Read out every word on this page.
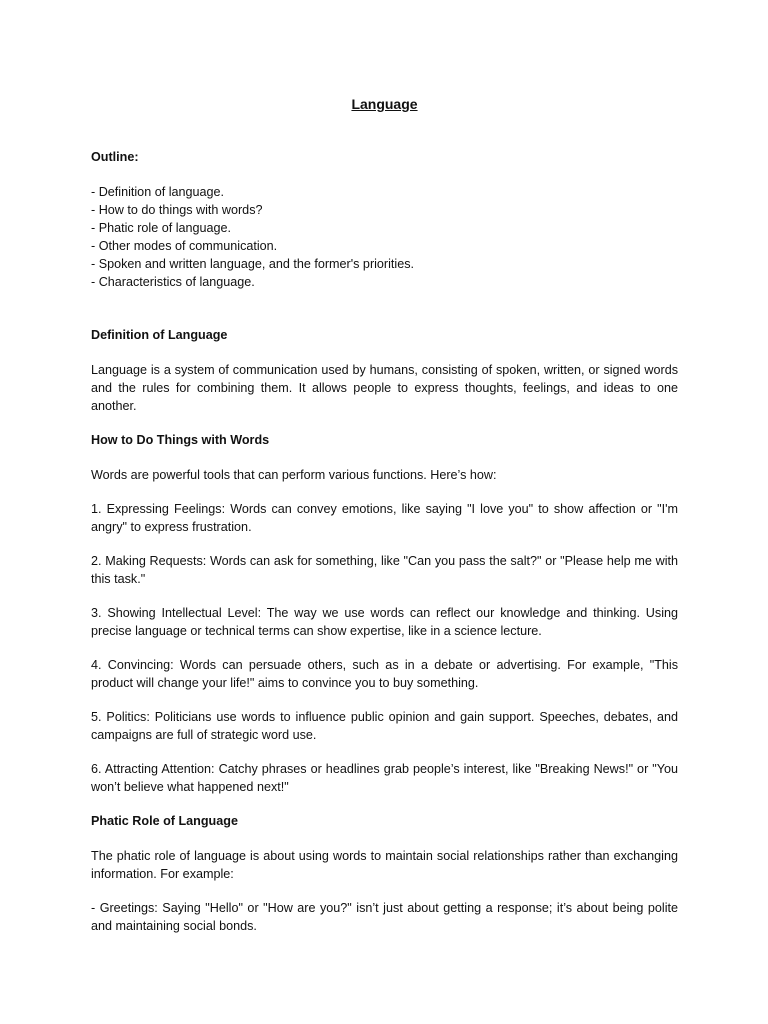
Language
Outline:
- Definition of language.
- How to do things with words?
- Phatic role of language.
- Other modes of communication.
- Spoken and written language, and the former's priorities.
- Characteristics of language.
Definition of Language

Language is a system of communication used by humans, consisting of spoken, written, or signed words and the rules for combining them. It allows people to express thoughts, feelings, and ideas to one another.

How to Do Things with Words

Words are powerful tools that can perform various functions. Here’s how:

1. Expressing Feelings: Words can convey emotions, like saying "I love you" to show affection or "I'm angry" to express frustration.

2. Making Requests: Words can ask for something, like "Can you pass the salt?" or "Please help me with this task."

3. Showing Intellectual Level: The way we use words can reflect our knowledge and thinking. Using precise language or technical terms can show expertise, like in a science lecture.

4. Convincing: Words can persuade others, such as in a debate or advertising. For example, "This product will change your life!" aims to convince you to buy something.

5. Politics: Politicians use words to influence public opinion and gain support. Speeches, debates, and campaigns are full of strategic word use.

6. Attracting Attention: Catchy phrases or headlines grab people’s interest, like "Breaking News!" or "You won’t believe what happened next!"

Phatic Role of Language

The phatic role of language is about using words to maintain social relationships rather than exchanging information. For example:

- Greetings: Saying "Hello" or "How are you?" isn’t just about getting a response; it’s about being polite and maintaining social bonds.
